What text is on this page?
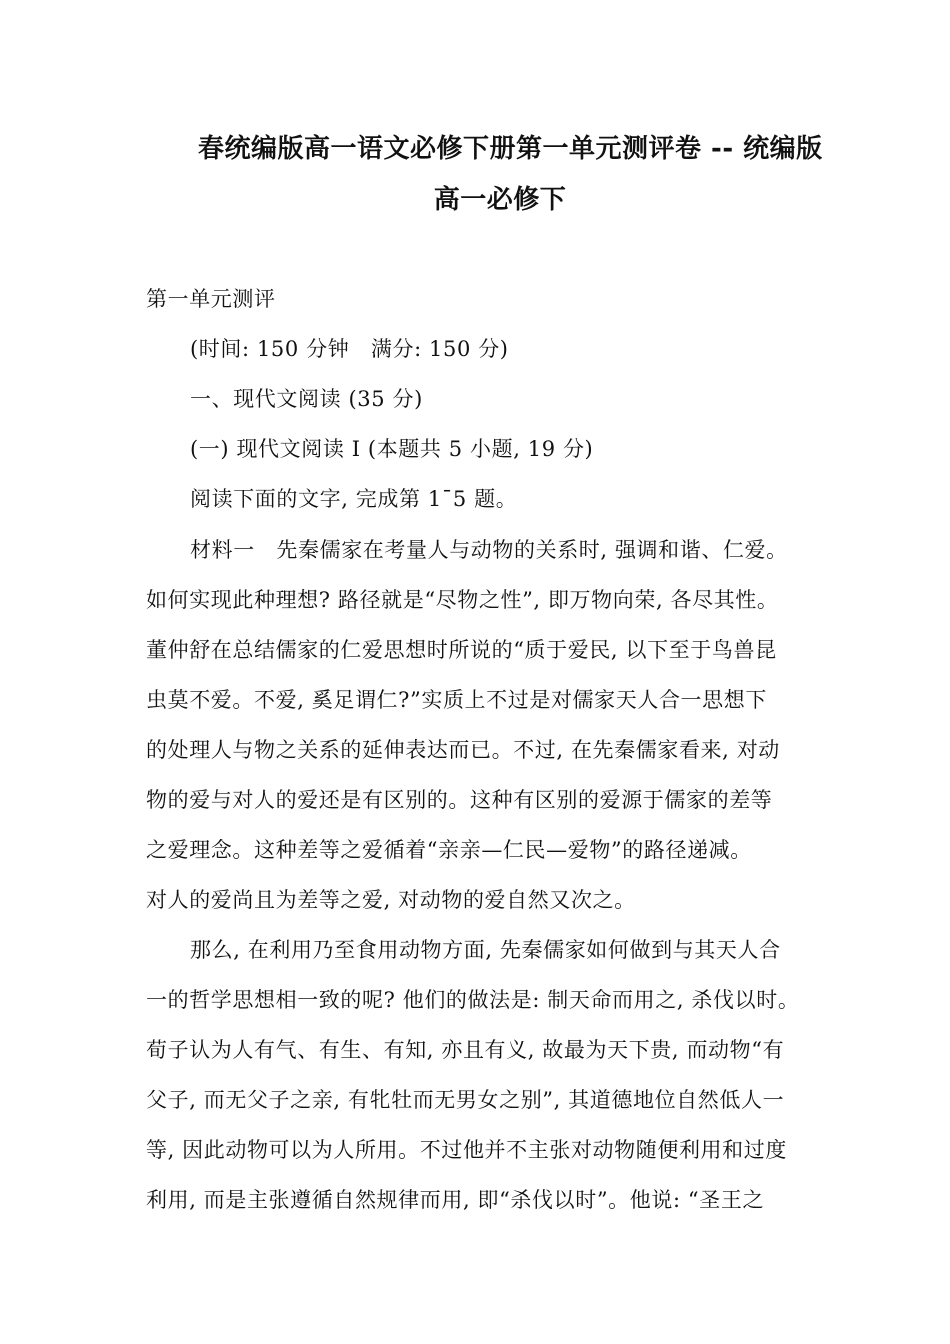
春统编版高一语文必修下册第一单元测评卷 -- 统编版
高一必修下
第一单元测评
(时间: 150 分钟　满分: 150 分)
一、现代文阅读 (35 分)
(一) 现代文阅读 I (本题共 5 小题, 19 分)
阅读下面的文字, 完成第 1¯5 题。
材料一　先秦儒家在考量人与动物的关系时, 强调和谐、仁爱。
如何实现此种理想? 路径就是“尽物之性”, 即万物向荣, 各尽其性。
董仲舒在总结儒家的仁爱思想时所说的“质于爱民, 以下至于鸟兽昆
虫莫不爱。不爱, 奚足谓仁?”实质上不过是对儒家天人合一思想下
的处理人与物之关系的延伸表达而已。不过, 在先秦儒家看来, 对动
物的爱与对人的爱还是有区别的。这种有区别的爱源于儒家的差等
之爱理念。这种差等之爱循着“亲亲—仁民—爱物”的路径递减。
对人的爱尚且为差等之爱, 对动物的爱自然又次之。
那么, 在利用乃至食用动物方面, 先秦儒家如何做到与其天人合
一的哲学思想相一致的呢? 他们的做法是: 制天命而用之, 杀伐以时。
荀子认为人有气、有生、有知, 亦且有义, 故最为天下贵, 而动物“有
父子, 而无父子之亲, 有牝牡而无男女之别”, 其道德地位自然低人一
等, 因此动物可以为人所用。不过他并不主张对动物随便利用和过度
利用, 而是主张遵循自然规律而用, 即“杀伐以时”。他说: “圣王之
